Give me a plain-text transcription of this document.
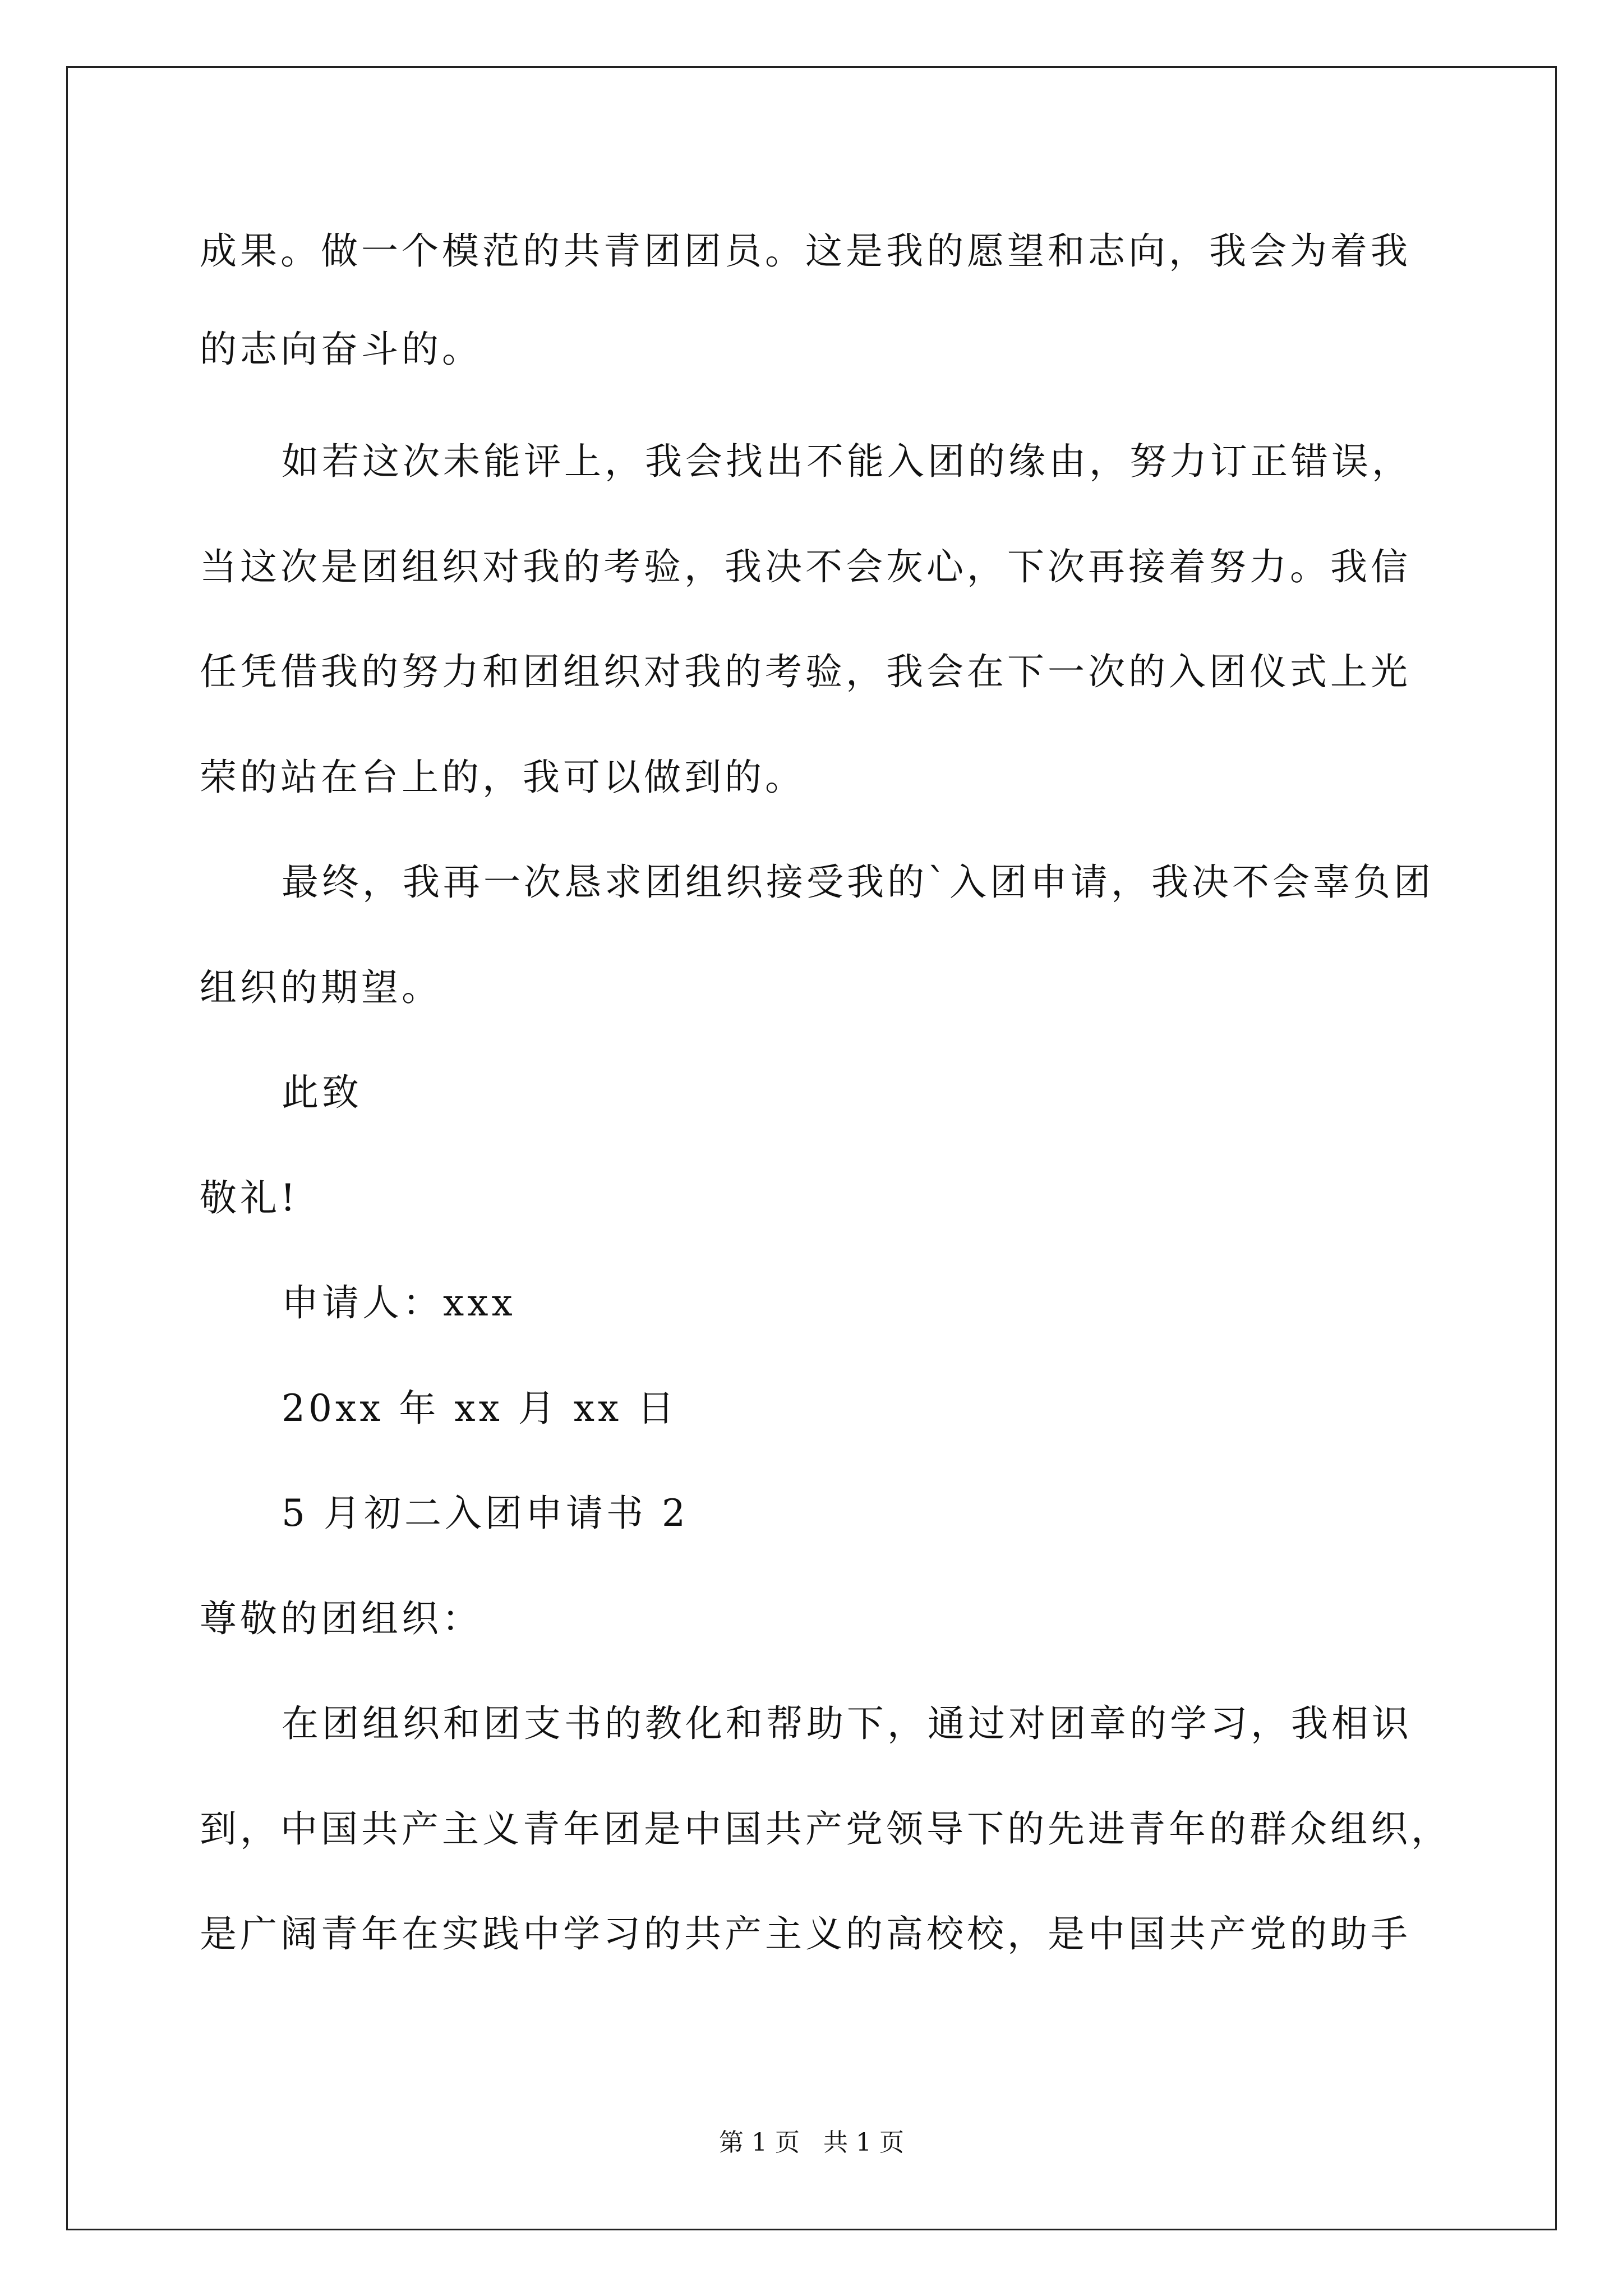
成果。做一个模范的共青团团员。这是我的愿望和志向，我会为着我
的志向奋斗的。
如若这次未能评上，我会找出不能入团的缘由，努力订正错误，
当这次是团组织对我的考验，我决不会灰心，下次再接着努力。我信
任凭借我的努力和团组织对我的考验，我会在下一次的入团仪式上光
荣的站在台上的，我可以做到的。
最终，我再一次恳求团组织接受我的`入团申请，我决不会辜负团
组织的期望。
此致
敬礼!
申请人：xxx
20xx 年 xx 月 xx 日
5 月初二入团申请书 2
尊敬的团组织：
在团组织和团支书的教化和帮助下，通过对团章的学习，我相识
到，中国共产主义青年团是中国共产党领导下的先进青年的群众组织，
是广阔青年在实践中学习的共产主义的高校校，是中国共产党的助手
第 1 页   共 1 页
